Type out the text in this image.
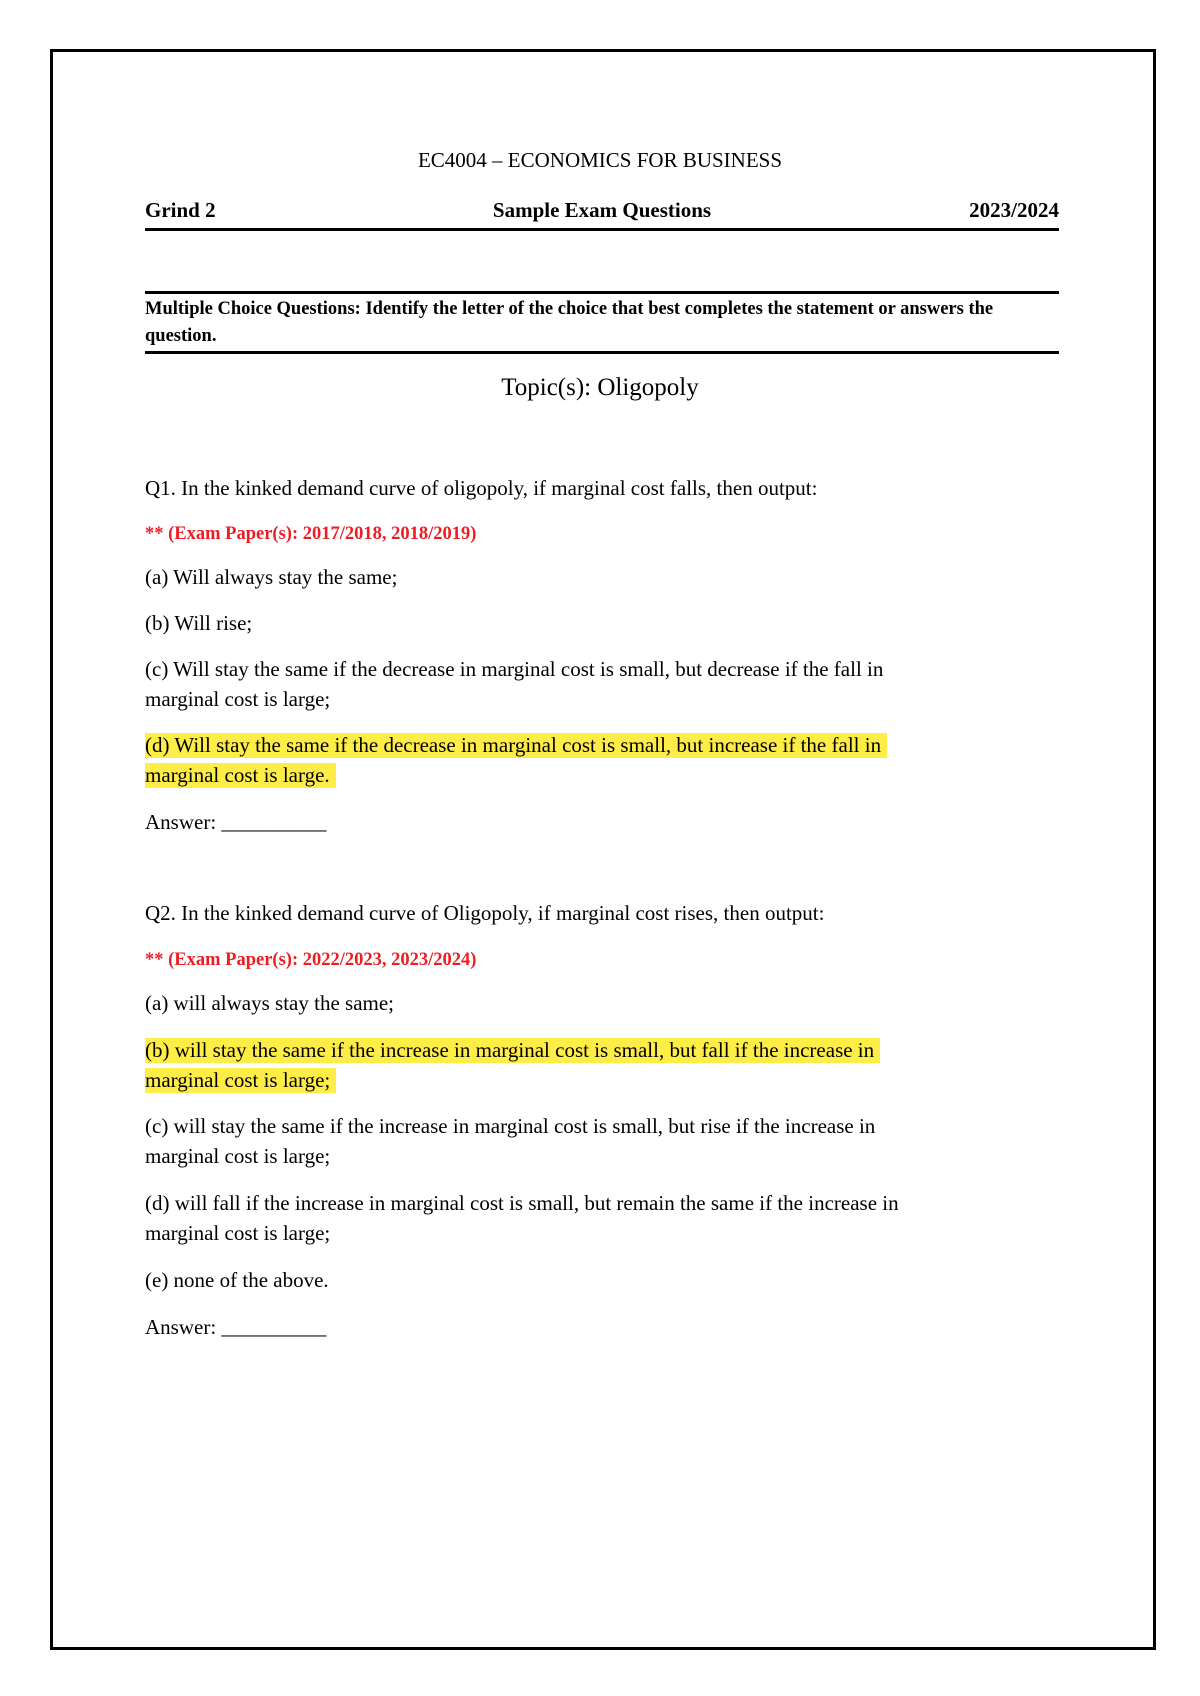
EC4004 – ECONOMICS FOR BUSINESS
Grind 2	Sample Exam Questions	2023/2024
Multiple Choice Questions: Identify the letter of the choice that best completes the statement or answers the question.
Topic(s): Oligopoly
Q1. In the kinked demand curve of oligopoly, if marginal cost falls, then output:
** (Exam Paper(s): 2017/2018, 2018/2019)
(a) Will always stay the same;
(b) Will rise;
(c) Will stay the same if the decrease in marginal cost is small, but decrease if the fall in
marginal cost is large;
(d) Will stay the same if the decrease in marginal cost is small, but increase if the fall in
marginal cost is large.
Answer: __________
Q2. In the kinked demand curve of Oligopoly, if marginal cost rises, then output:
** (Exam Paper(s): 2022/2023, 2023/2024)
(a) will always stay the same;
(b) will stay the same if the increase in marginal cost is small, but fall if the increase in
marginal cost is large;
(c) will stay the same if the increase in marginal cost is small, but rise if the increase in
marginal cost is large;
(d) will fall if the increase in marginal cost is small, but remain the same if the increase in
marginal cost is large;
(e) none of the above.
Answer: __________
